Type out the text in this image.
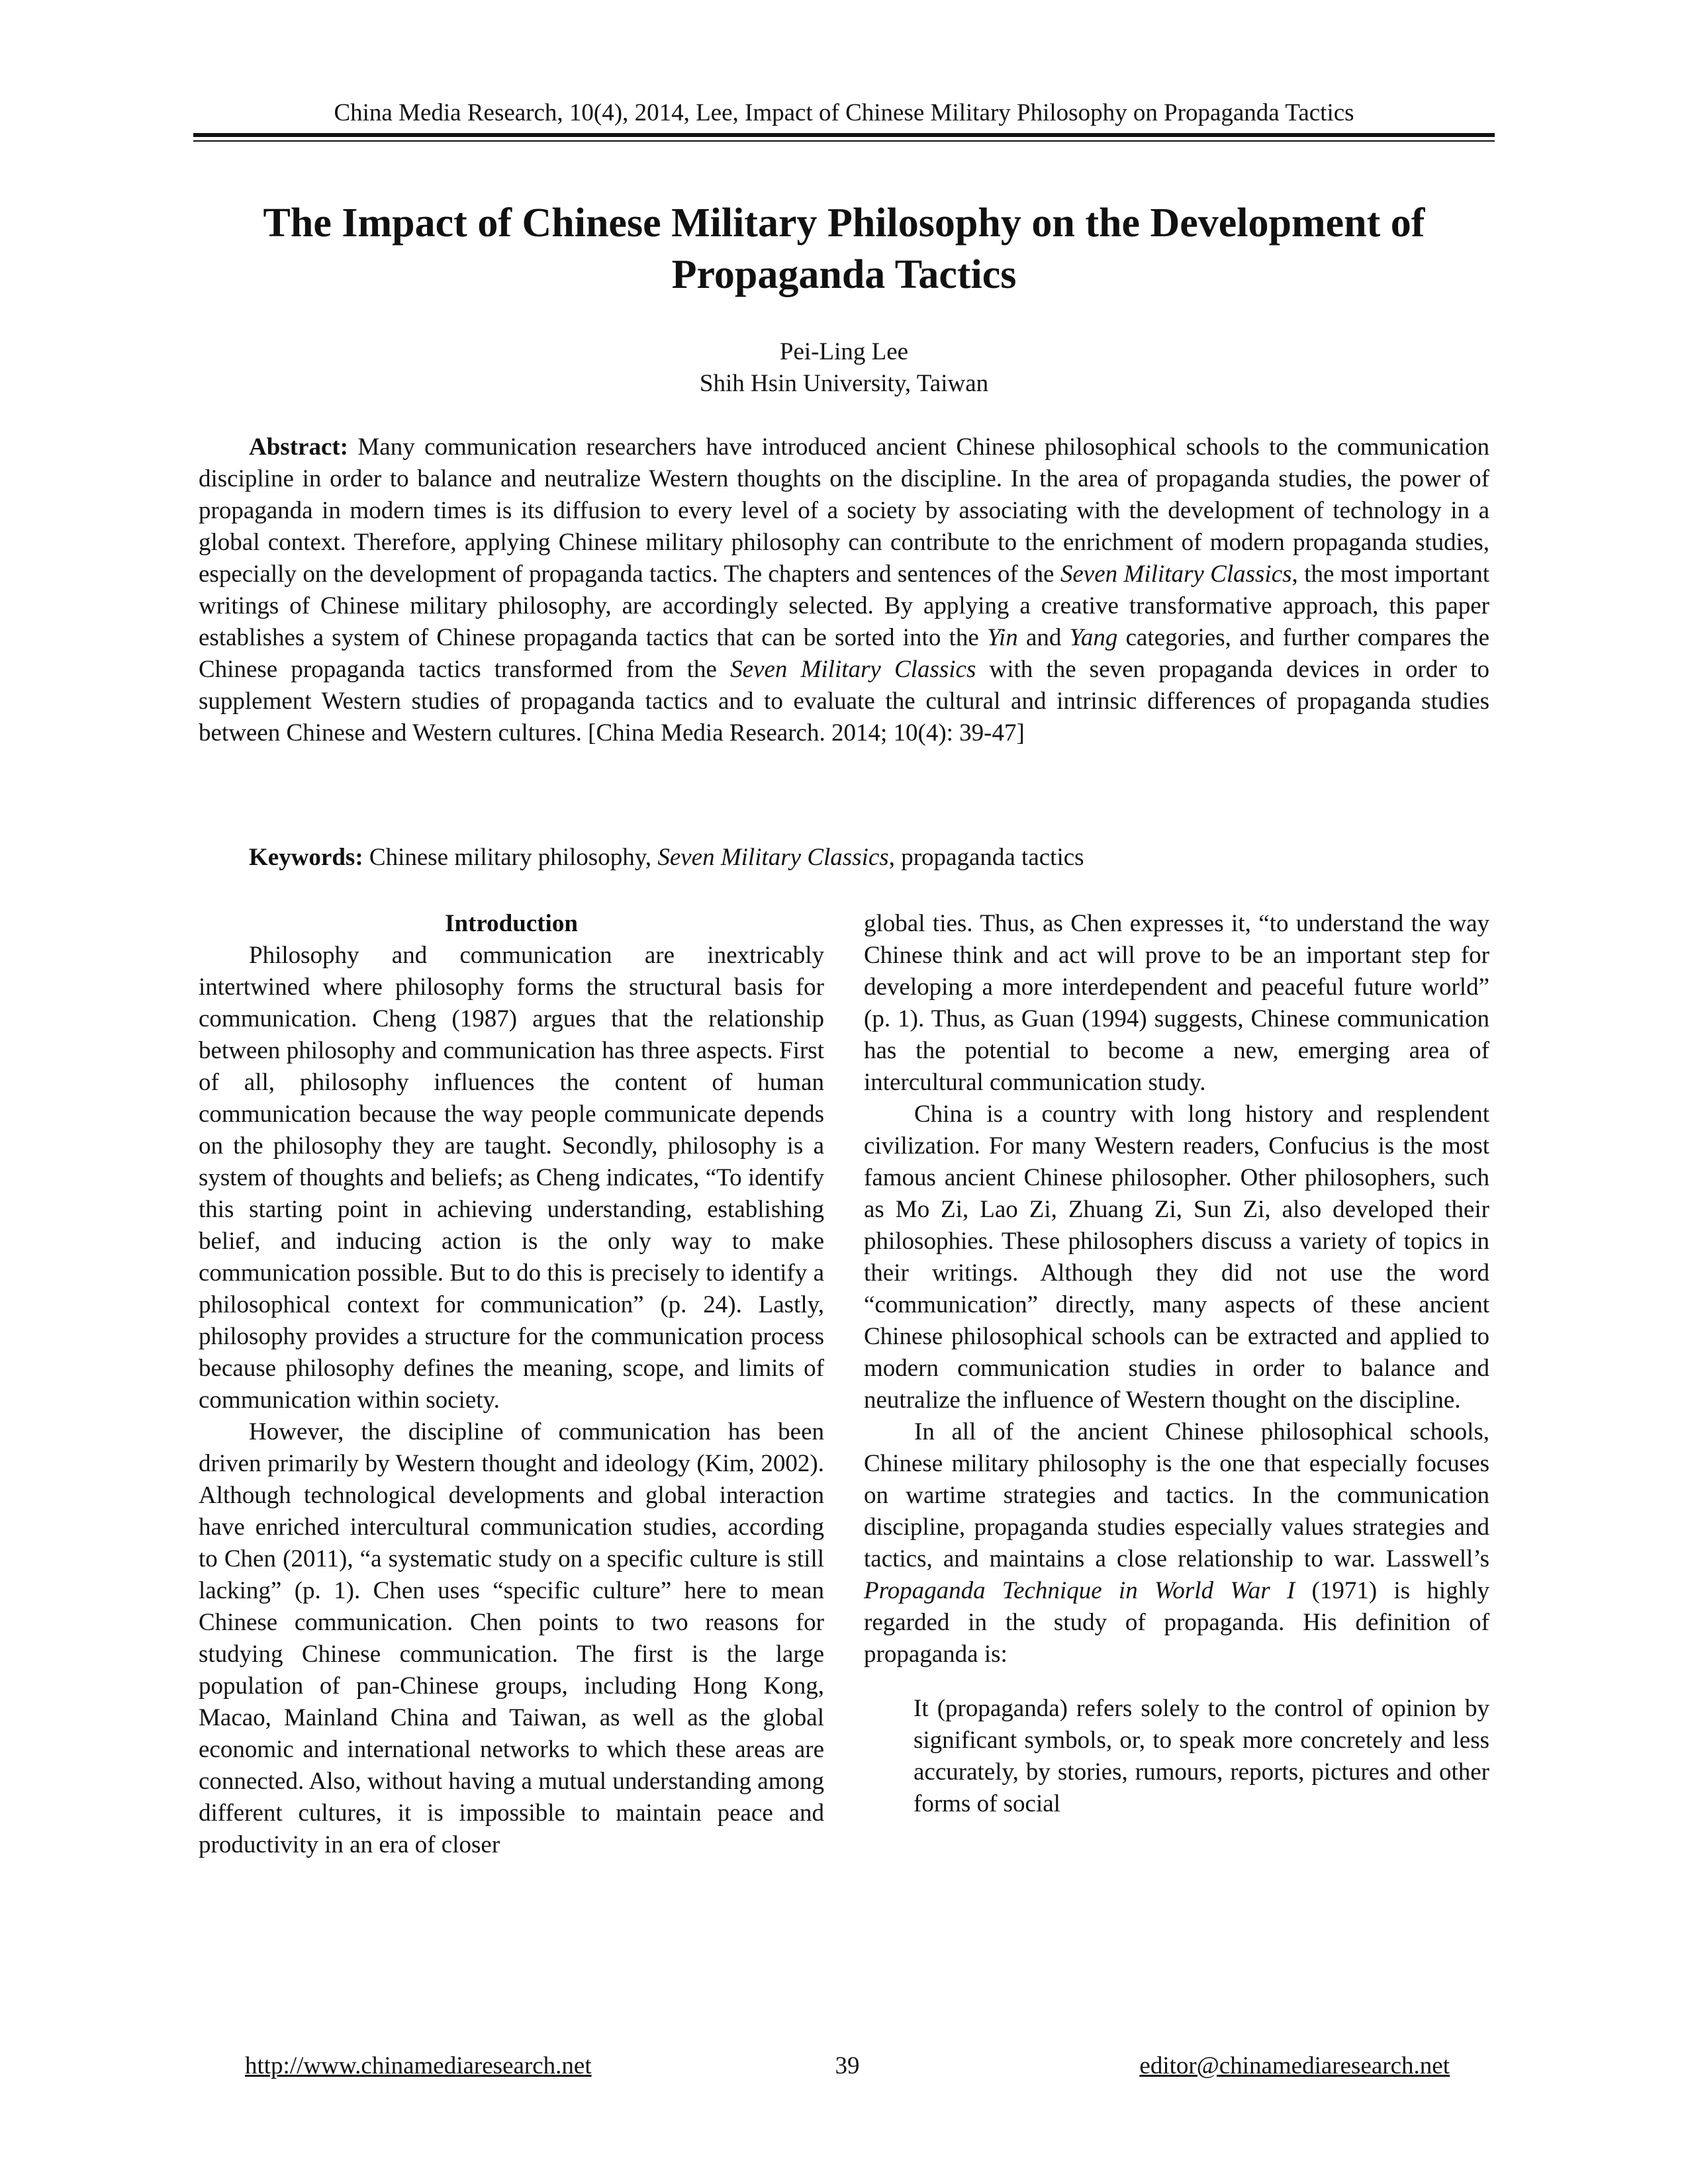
China Media Research, 10(4), 2014, Lee, Impact of Chinese Military Philosophy on Propaganda Tactics
The Impact of Chinese Military Philosophy on the Development of
Propaganda Tactics
Pei-Ling Lee
Shih Hsin University, Taiwan
Abstract: Many communication researchers have introduced ancient Chinese philosophical schools to the communication discipline in order to balance and neutralize Western thoughts on the discipline. In the area of propaganda studies, the power of propaganda in modern times is its diffusion to every level of a society by associating with the development of technology in a global context. Therefore, applying Chinese military philosophy can contribute to the enrichment of modern propaganda studies, especially on the development of propaganda tactics. The chapters and sentences of the Seven Military Classics, the most important writings of Chinese military philosophy, are accordingly selected. By applying a creative transformative approach, this paper establishes a system of Chinese propaganda tactics that can be sorted into the Yin and Yang categories, and further compares the Chinese propaganda tactics transformed from the Seven Military Classics with the seven propaganda devices in order to supplement Western studies of propaganda tactics and to evaluate the cultural and intrinsic differences of propaganda studies between Chinese and Western cultures. [China Media Research. 2014; 10(4): 39-47]
Keywords: Chinese military philosophy, Seven Military Classics, propaganda tactics
Introduction

Philosophy and communication are inextricably intertwined where philosophy forms the structural basis for communication. Cheng (1987) argues that the relationship between philosophy and communication has three aspects. First of all, philosophy influences the content of human communication because the way people communicate depends on the philosophy they are taught. Secondly, philosophy is a system of thoughts and beliefs; as Cheng indicates, “To identify this starting point in achieving understanding, establishing belief, and inducing action is the only way to make communication possible. But to do this is precisely to identify a philosophical context for communication” (p. 24). Lastly, philosophy provides a structure for the communication process because philosophy defines the meaning, scope, and limits of communication within society.

However, the discipline of communication has been driven primarily by Western thought and ideology (Kim, 2002). Although technological developments and global interaction have enriched intercultural communication studies, according to Chen (2011), “a systematic study on a specific culture is still lacking” (p. 1). Chen uses “specific culture” here to mean Chinese communication. Chen points to two reasons for studying Chinese communication. The first is the large population of pan-Chinese groups, including Hong Kong, Macao, Mainland China and Taiwan, as well as the global economic and international networks to which these areas are connected. Also, without having a mutual understanding among different cultures, it is impossible to maintain peace and productivity in an era of closer

global ties. Thus, as Chen expresses it, “to understand the way Chinese think and act will prove to be an important step for developing a more interdependent and peaceful future world” (p. 1). Thus, as Guan (1994) suggests, Chinese communication has the potential to become a new, emerging area of intercultural communication study.

China is a country with long history and resplendent civilization. For many Western readers, Confucius is the most famous ancient Chinese philosopher. Other philosophers, such as Mo Zi, Lao Zi, Zhuang Zi, Sun Zi, also developed their philosophies. These philosophers discuss a variety of topics in their writings. Although they did not use the word “communication” directly, many aspects of these ancient Chinese philosophical schools can be extracted and applied to modern communication studies in order to balance and neutralize the influence of Western thought on the discipline.

In all of the ancient Chinese philosophical schools, Chinese military philosophy is the one that especially focuses on wartime strategies and tactics. In the communication discipline, propaganda studies especially values strategies and tactics, and maintains a close relationship to war. Lasswell’s Propaganda Technique in World War I (1971) is highly regarded in the study of propaganda. His definition of propaganda is:

It (propaganda) refers solely to the control of opinion by significant symbols, or, to speak more concretely and less accurately, by stories, rumours, reports, pictures and other forms of social

http://www.chinamediaresearch.net	39	editor@chinamediaresearch.net
